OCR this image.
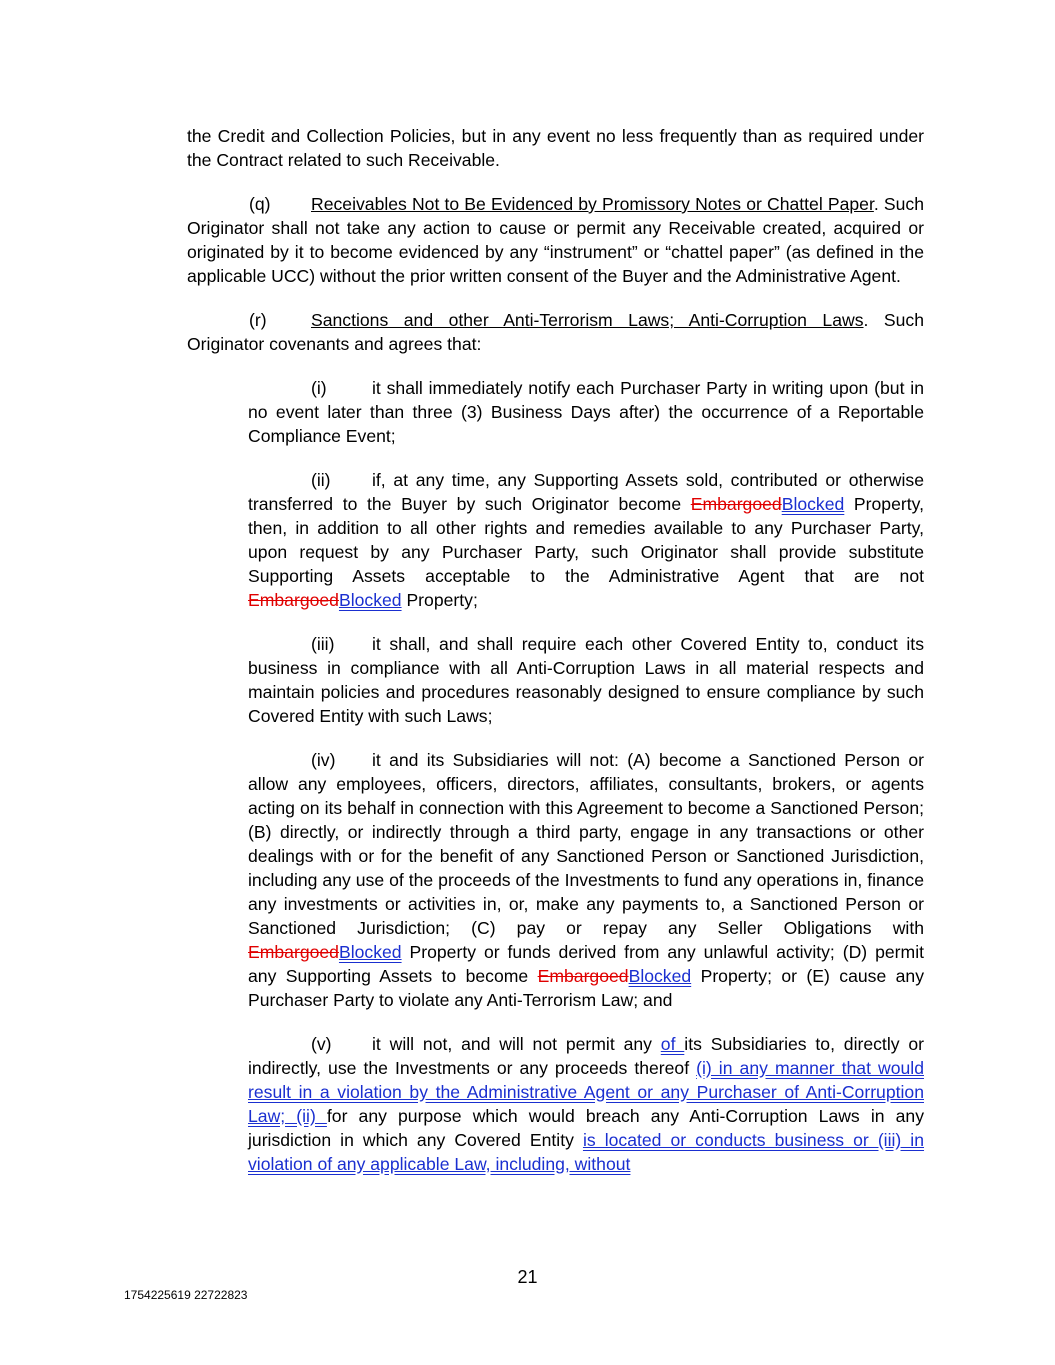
the Credit and Collection Policies, but in any event no less frequently than as required under the Contract related to such Receivable.

(q) Receivables Not to Be Evidenced by Promissory Notes or Chattel Paper. Such Originator shall not take any action to cause or permit any Receivable created, acquired or originated by it to become evidenced by any “instrument” or “chattel paper” (as defined in the applicable UCC) without the prior written consent of the Buyer and the Administrative Agent.

(r)	Sanctions and other Anti-Terrorism Laws; Anti-Corruption Laws. Such Originator covenants and agrees that:

(i)	it shall immediately notify each Purchaser Party in writing upon (but in no event later than three (3) Business Days after) the occurrence of a Reportable Compliance Event;

(ii) if, at any time, any Supporting Assets sold, contributed or otherwise transferred to the Buyer by such Originator become EmbargoedBlocked Property, then, in addition to all other rights and remedies available to any Purchaser Party, upon request by any Purchaser Party, such Originator shall provide substitute Supporting Assets acceptable to the Administrative Agent that are not EmbargoedBlocked Property;

(iii) it shall, and shall require each other Covered Entity to, conduct its business in compliance with all Anti-Corruption Laws in all material respects and maintain policies and procedures reasonably designed to ensure compliance by such Covered Entity with such Laws;

(iv) it and its Subsidiaries will not: (A) become a Sanctioned Person or allow any employees, officers, directors, affiliates, consultants, brokers, or agents acting on its behalf in connection with this Agreement to become a Sanctioned Person; (B) directly, or indirectly through a third party, engage in any transactions or other dealings with or for the benefit of any Sanctioned Person or Sanctioned Jurisdiction, including any use of the proceeds of the Investments to fund any operations in, finance any investments or activities in, or, make any payments to, a Sanctioned Person or Sanctioned Jurisdiction; (C) pay or repay any Seller Obligations with EmbargoedBlocked Property or funds derived from any unlawful activity; (D) permit any Supporting Assets to become EmbargoedBlocked Property; or (E) cause any Purchaser Party to violate any Anti-Terrorism Law; and

(v) it will not, and will not permit any of its Subsidiaries to, directly or indirectly, use the Investments or any proceeds thereof (i) in any manner that would result in a violation by the Administrative Agent or any Purchaser of Anti-Corruption Law; (ii) for any purpose which would breach any Anti-Corruption Laws in any jurisdiction in which any Covered Entity is located or conducts business or (iii) in violation of any applicable Law, including, without

21
1754225619 22722823
